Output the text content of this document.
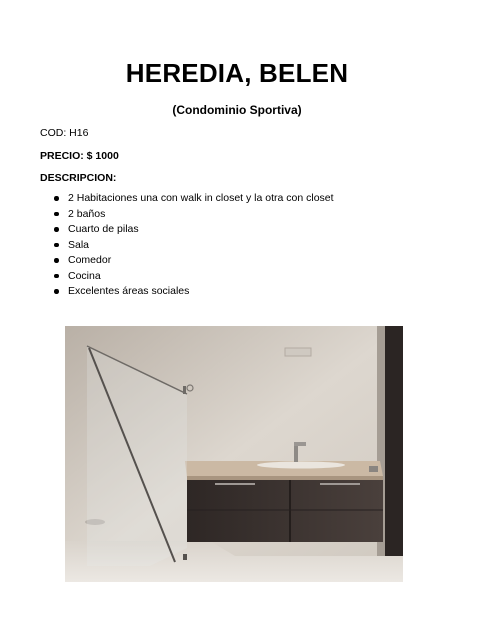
HEREDIA, BELEN
(Condominio Sportiva)
COD: H16
PRECIO: $ 1000
DESCRIPCION:
2 Habitaciones una con walk in closet y la otra con closet
2 baños
Cuarto de pilas
Sala
Comedor
Cocina
Excelentes áreas sociales
